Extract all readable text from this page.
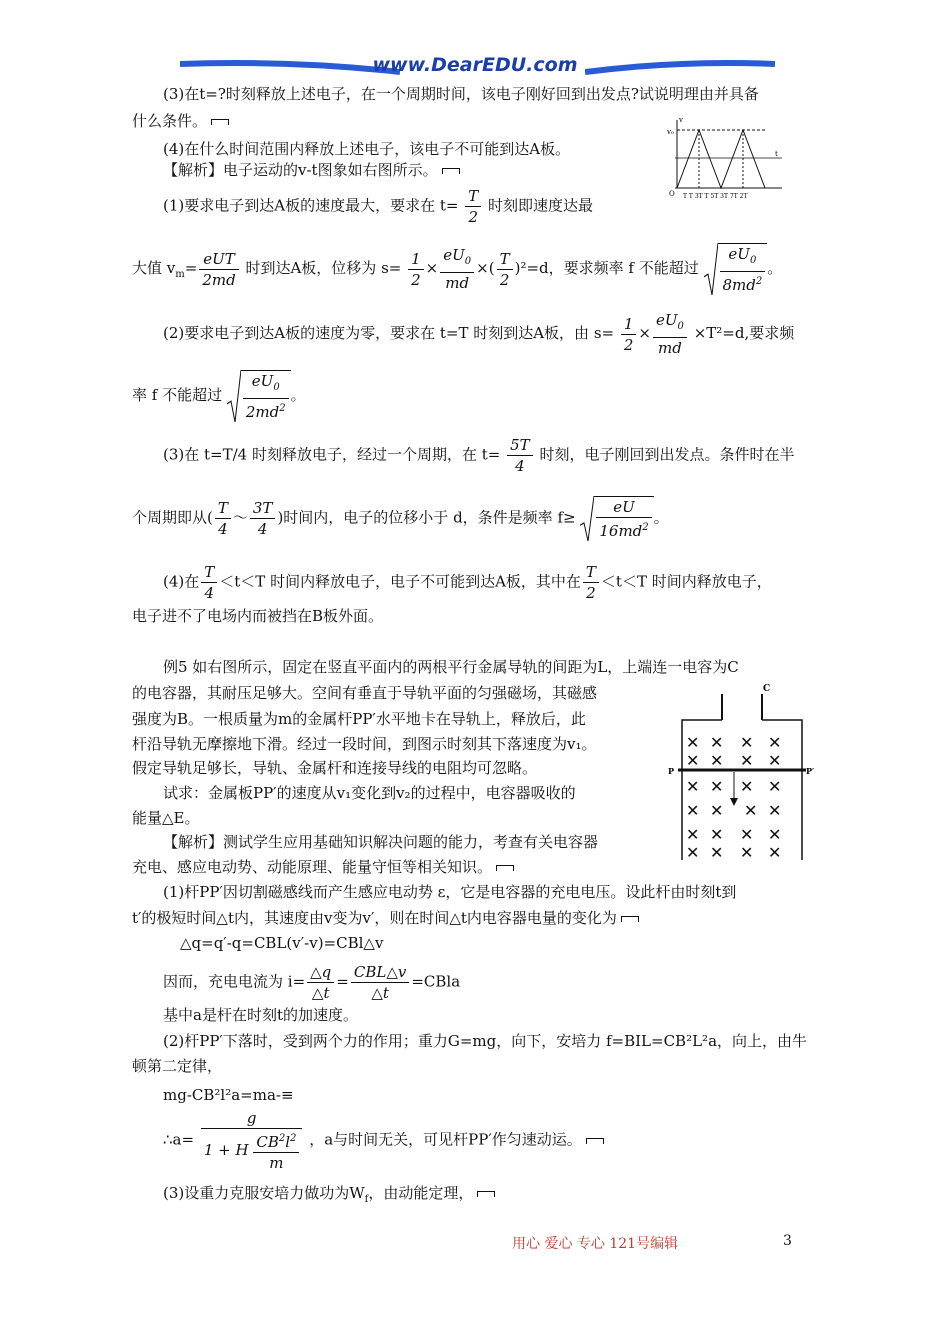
www.DearEDU.com
(3)在t=?时刻释放上述电子，在一个周期时间，该电子刚好回到出发点?试说明理由并具备
什么条件。
(4)在什么时间范围内释放上述电子，该电子不可能到达A板。
【解析】电子运动的v-t图象如右图所示。
v₀
v
t
O T T 3T T 5T 3T 7T 2T
(1)要求电子到达A板的速度最大，要求在 $t= \frac{T}{2}$ 时刻即速度达最
大值 $v_m= \frac{\text{eUT}}{2md}$ 时到达A板，位移为 $s= \frac{1}{2} \times \frac{eU_0}{md}$ ×( $\frac{T}{2} )^2=d$，要求频率 f 不能超过 $\frac{eU_0}{8md^2}$ 。
(2)要求电子到达A板的速度为零，要求在 t=T 时刻到达A板，由 $s= \frac{1}{2} \times \frac{eU_0}{md} \times T^2=d$,要求频
率 f 不能超过 $\frac{eU_0}{2md^2}$ 。
(3)在 t=T/4 时刻释放电子，经过一个周期，在 $t= \frac{5T}{4}$ 时刻，电子刚回到出发点。条件时在半
个周期即从( $\frac{T}{4}$ ～ $\frac{3T}{4}$ )时间内，电子的位移小于 d，条件是频率 $f\ge \frac{eU}{16md^2}$ 。
(4)在 $\frac{T}{4} <t<T$ 时间内释放电子，电子不可能到达A板，其中在 $\frac{T}{2} <t<T$ 时间内释放电子，
电子进不了电场内而被挡在B板外面。
例5 如右图所示，固定在竖直平面内的两根平行金属导轨的间距为L，上端连一电容为C
的电容器，其耐压足够大。空间有垂直于导轨平面的匀强磁场，其磁感
强度为B。一根质量为m的金属杆PP′水平地卡在导轨上，释放后，此
杆沿导轨无摩擦地下滑。经过一段时间，到图示时刻其下落速度为v₁。
假定导轨足够长，导轨、金属杆和连接导线的电阻均可忽略。
试求：金属板PP′的速度从v₁变化到v₂的过程中，电容器吸收的
能量△E。
【解析】测试学生应用基础知识解决问题的能力，考查有关电容器
充电、感应电动势、动能原理、能量守恒等相关知识。
C
P	P′
✕ ✕ ✕ ✕
✕ ✕ ✕ ✕
✕ ✕ ✕ ✕
✕ ✕ ✕ ✕
✕ ✕ ✕ ✕
✕ ✕ ✕ ✕
(1)杆PP′因切割磁感线而产生感应电动势 ε，它是电容器的充电电压。设此杆由时刻t到
t′的极短时间△t内，其速度由v变为v′，则在时间△t内电容器电量的变化为
△q=q′-q=CBL(v′-v)=CBl△v
因而，充电电流为 $i= \frac{\triangle q}{\triangle t} = \frac{\text{CBL△v}}{\triangle t}$ =CBla
基中a是杆在时刻t的加速度。
(2)杆PP′下落时，受到两个力的作用；重力G=mg，向下，安培力 f=BIL=CB²L²a，向上，由牛
顿第二定律，
mg-CB²l²a=ma-≡
∴a= $\frac{g}{1 + H \frac{CB^2l^2}{m}}$ ，a与时间无关，可见杆PP′作匀速动运。
(3)设重力克服安培力做功为$W_f$，由动能定理，
用心 爱心 专心 121号编辑	3
